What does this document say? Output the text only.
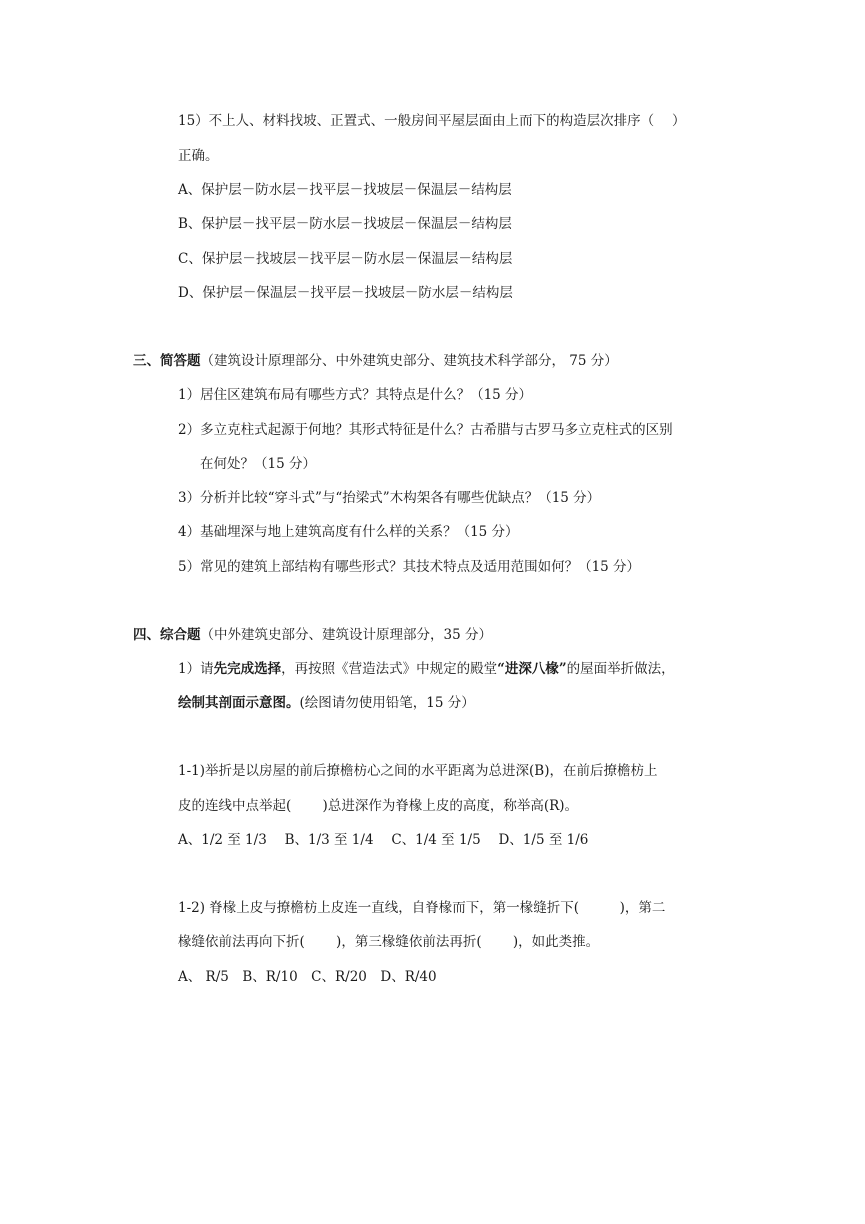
15）不上人、材料找坡、正置式、一般房间平屋层面由上而下的构造层次排序（　 ）
正确。
A、保护层－防水层－找平层－找坡层－保温层－结构层
B、保护层－找平层－防水层－找坡层－保温层－结构层
C、保护层－找坡层－找平层－防水层－保温层－结构层
D、保护层－保温层－找平层－找坡层－防水层－结构层
三、简答题（建筑设计原理部分、中外建筑史部分、建筑技术科学部分， 75 分）
1）居住区建筑布局有哪些方式？其特点是什么？（15 分）
2）多立克柱式起源于何地？其形式特征是什么？古希腊与古罗马多立克柱式的区别
在何处？（15 分）
3）分析并比较“穿斗式”与“抬梁式”木构架各有哪些优缺点？（15 分）
4）基础埋深与地上建筑高度有什么样的关系？（15 分）
5）常见的建筑上部结构有哪些形式？其技术特点及适用范围如何？（15 分）
四、综合题（中外建筑史部分、建筑设计原理部分，35 分）
1）请先完成选择，再按照《营造法式》中规定的殿堂“进深八椽”的屋面举折做法，
绘制其剖面示意图。(绘图请勿使用铅笔，15 分）
1-1)举折是以房屋的前后撩檐枋心之间的水平距离为总进深(B)，在前后撩檐枋上
皮的连线中点举起(　　 )总进深作为脊椽上皮的高度，称举高(R)。
A、1/2 至 1/3　 B、1/3 至 1/4　 C、1/4 至 1/5　 D、1/5 至 1/6
1-2) 脊椽上皮与撩檐枋上皮连一直线，自脊椽而下，第一椽缝折下(　　　)，第二
椽缝依前法再向下折(　　 )，第三椽缝依前法再折(　　 )，如此类推。
A、 R/5　B、R/10　C、R/20　D、R/40
